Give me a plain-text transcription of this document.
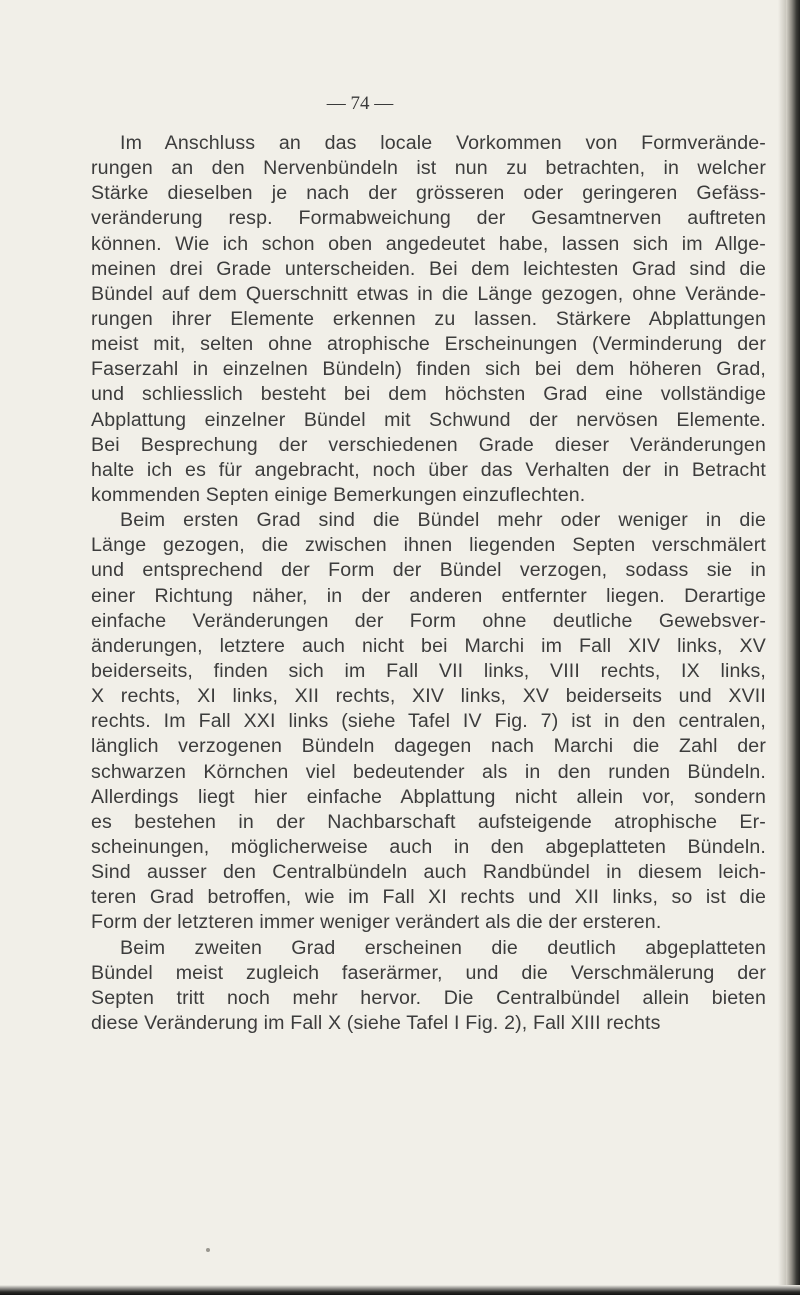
— 74 —
Im Anschluss an das locale Vorkommen von Formverände-
rungen an den Nervenbündeln ist nun zu betrachten, in welcher
Stärke dieselben je nach der grösseren oder geringeren Gefäss-
veränderung resp. Formabweichung der Gesamtnerven auftreten
können. Wie ich schon oben angedeutet habe, lassen sich im Allge-
meinen drei Grade unterscheiden. Bei dem leichtesten Grad sind die
Bündel auf dem Querschnitt etwas in die Länge gezogen, ohne Verände-
rungen ihrer Elemente erkennen zu lassen. Stärkere Abplattungen
meist mit, selten ohne atrophische Erscheinungen (Verminderung der
Faserzahl in einzelnen Bündeln) finden sich bei dem höheren Grad,
und schliesslich besteht bei dem höchsten Grad eine vollständige
Abplattung einzelner Bündel mit Schwund der nervösen Elemente.
Bei Besprechung der verschiedenen Grade dieser Veränderungen
halte ich es für angebracht, noch über das Verhalten der in Betracht
kommenden Septen einige Bemerkungen einzuflechten.
Beim ersten Grad sind die Bündel mehr oder weniger in die
Länge gezogen, die zwischen ihnen liegenden Septen verschmälert
und entsprechend der Form der Bündel verzogen, sodass sie in
einer Richtung näher, in der anderen entfernter liegen. Derartige
einfache Veränderungen der Form ohne deutliche Gewebsver-
änderungen, letztere auch nicht bei Marchi im Fall XIV links, XV
beiderseits, finden sich im Fall VII links, VIII rechts, IX links,
X rechts, XI links, XII rechts, XIV links, XV beiderseits und XVII
rechts. Im Fall XXI links (siehe Tafel IV Fig. 7) ist in den centralen,
länglich verzogenen Bündeln dagegen nach Marchi die Zahl der
schwarzen Körnchen viel bedeutender als in den runden Bündeln.
Allerdings liegt hier einfache Abplattung nicht allein vor, sondern
es bestehen in der Nachbarschaft aufsteigende atrophische Er-
scheinungen, möglicherweise auch in den abgeplatteten Bündeln.
Sind ausser den Centralbündeln auch Randbündel in diesem leich-
teren Grad betroffen, wie im Fall XI rechts und XII links, so ist die
Form der letzteren immer weniger verändert als die der ersteren.
Beim zweiten Grad erscheinen die deutlich abgeplatteten
Bündel meist zugleich faserärmer, und die Verschmälerung der
Septen tritt noch mehr hervor. Die Centralbündel allein bieten
diese Veränderung im Fall X (siehe Tafel I Fig. 2), Fall XIII rechts
